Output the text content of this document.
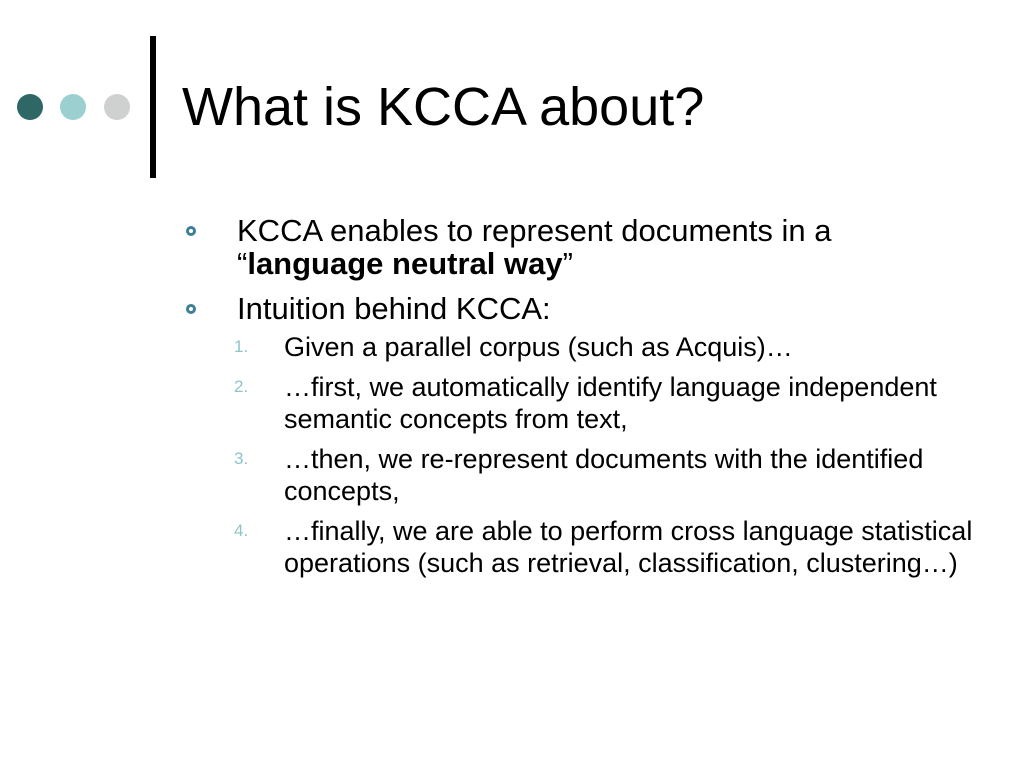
What is KCCA about?
KCCA enables to represent documents in a “language neutral way”
Intuition behind KCCA:
1. Given a parallel corpus (such as Acquis)…
2. …first, we automatically identify language independent semantic concepts from text,
3. …then, we re-represent documents with the identified concepts,
4. …finally, we are able to perform cross language statistical operations (such as retrieval, classification, clustering…)
